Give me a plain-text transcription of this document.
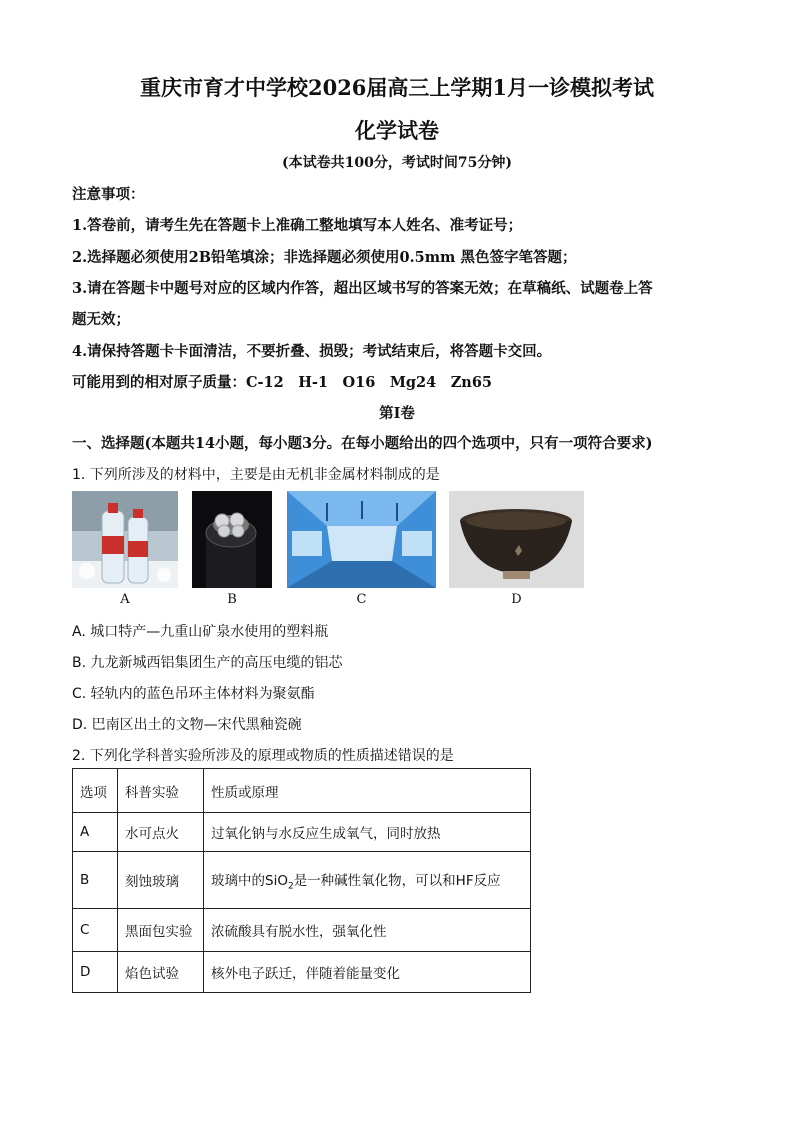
重庆市育才中学校2026届高三上学期1月一诊模拟考试
化学试卷
(本试卷共100分，考试时间75分钟)
注意事项：
1.答卷前，请考生先在答题卡上准确工整地填写本人姓名、准考证号；
2.选择题必须使用2B铅笔填涂；非选择题必须使用0.5mm 黑色签字笔答题；
3.请在答题卡中题号对应的区域内作答，超出区域书写的答案无效；在草稿纸、试题卷上答
题无效；
4.请保持答题卡卡面清洁，不要折叠、损毁；考试结束后，将答题卡交回。
可能用到的相对原子质量：C-12　H-1　O16　Mg24　Zn65
第I卷
一、选择题(本题共14小题，每小题3分。在每小题给出的四个选项中，只有一项符合要求)
1. 下列所涉及的材料中，主要是由无机非金属材料制成的是
A	B	C	D
A. 城口特产—九重山矿泉水使用的塑料瓶
B. 九龙新城西铝集团生产的高压电缆的铝芯
C. 轻轨内的蓝色吊环主体材料为聚氨酯
D. 巴南区出土的文物—宋代黑釉瓷碗
2. 下列化学科普实验所涉及的原理或物质的性质描述错误的是
选项	科普实验	性质或原理
A	水可点火	过氧化钠与水反应生成氧气，同时放热
B	刻蚀玻璃	玻璃中的SiO$_2$是一种碱性氧化物，可以和HF反应
C	黑面包实验	浓硫酸具有脱水性，强氧化性
D	焰色试验	核外电子跃迁，伴随着能量变化
